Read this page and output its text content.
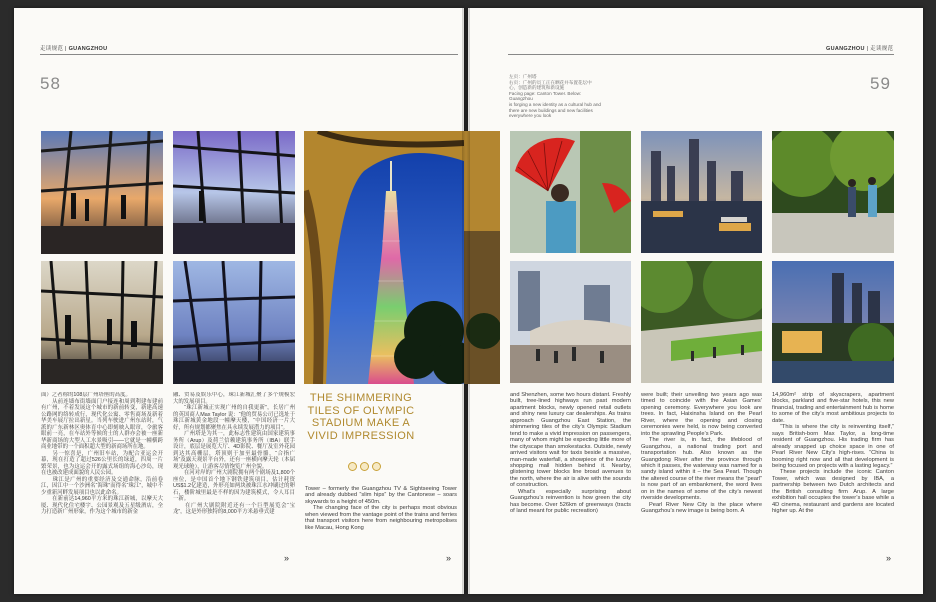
走读规范 | GUANGZHOU
58
GUANGZHOU | 走读规范
59
左页：广州塔
右页：广州的员工正在晒花并布置花坛中
心，创造新的建筑和新设施
Facing page: Canton Tower. Below: Guangzhou
is forging a new identity as a cultural hub and
there are new buildings and new facilities
everywhere you look
面）之者称的108层广州塔座的高度。
　　从前连墙布街墙面门户接连和周到利建布建前有广州，不着发展这个城市的新前转变，新建高速公路网的络转成行，现代化公寓、零售商场及新着华美车展厅拉出新星。当列车驶进广州东站时，气派的广东新林区奥体育中心即刻映入眼帘，令旅客眼前一亮，在车站外等候的士的人群亦会被一座新华新商场的大型人工水景吸引——它就是一幢横跨商业地带的一个面积超大型的新商场所在地。
　　另一惊喜是，广州旧车站，为配合亚运会开幕，现在打造了超过526公里长的绿道，四周一片繁荣景，也为这运会开的露式场组的海心沙岛，现在也被改建成面貌的人民公园。
　　珠江是广州的重要经济及交通命脉，沿前卷江，因江中一个沙洲名“海珠”而得名“珠江”，城中不少重新河畔发展项目也以此命名。
　　在新前达14,960平方米的珠江新城，以摩天大厦、现代化住宅楼宇、公园景观及五星级酒店，全力打造新广州形象，作为这个城市的新金
融、贸易及娱乐中心，珠江新城汇聚了多个规模宏大的发展项目。
　　“珠江新城正实现广州的自我更新”，长居广州的英国商人Max Taylor 说：“他的贸易公司已选址于珠江新城黄金地段一幢摩天楼，“中国经济一片大好，所有规划都聚焦在具永续发展潜力的项目”。
　　广州塔是为其一，此标志性建筑由国家建筑事务所（Arup）及荷兰信赖建筑事务所（IBA）联手设计，底层是展览大厅、4D影院、餐厅及室外花园到达其高栅层，塔顶则于加至最骨骼，“合指广场”及露天观景平台外，还有一座横向摩天轮（本届观光球舱），让游客尽情饱览广州全貌。
　　在河对岸的广州大剧院拥有两个剧场及1,800个座位，是中国首个地下钢铁建筑项目，估计耗资US$1.2亿建造，外形亮如两块被珠江水冲刷过的卵石，楼阶城里最是不样的因为建筑模式，令人耳目一新。
　　在广州大剧院附近还有一个巨型展览会“宝龙”，这是外形独特的8,000平方米悬垂式建
»
THE SHIMMERING TILES OF OLYMPIC STADIUM MAKE A VIVID IMPRESSION

Tower – formerly the Guangzhou TV & Sightseeing Tower and already dubbed “slim hips” by the Cantonese – soars skywards to a height of 450m.

The changing face of the city is perhaps most obvious when viewed from the vantage point of the trains and ferries that transport visitors here from neighbouring metropolises like Macau, Hong Kong

»

and Shenzhen, some two hours distant. Freshly built, tree-lined highways run past modern apartment blocks, newly opened retail outlets and shiny new luxury car dealerships. As trains approach Guangzhou East Station, the shimmering tiles of the city’s Olympic Stadium tend to make a vivid impression on passengers, many of whom might be expecting little more of the cityscape than smokestacks. Outside, newly arrived visitors wait for taxis beside a massive, man-made waterfall, a showpiece of the luxury shopping mall hidden behind it. Nearby, glistening tower blocks line broad avenues to the north, where the air is alive with the sounds of construction.

What’s especially surprising about Guangzhou’s reinvention is how green the city has become. Over 526km of greenways (tracts of land meant for public recreation)

were built; their unveiling two years ago was timed to coincide with the Asian Games’ opening ceremony. Everywhere you look are trees. In fact, Haixinsha Island on the Pearl River, where the opening and closing ceremonies were held, is now being converted into the sprawling People’s Park.

The river is, in fact, the lifeblood of Guangzhou, a national trading port and transportation hub. Also known as the Guangdong River after the province through which it passes, the waterway was named for a sandy island within it – the Sea Pearl. Though the altered course of the river means the “pearl” is now part of an embankment, the word lives on in the names of some of the city’s newest riverside developments.

Pearl River New City is the place where Guangzhou’s new image is being born. A

14,960m² strip of skyscrapers, apartment blocks, parkland and five-star hotels, this new financial, trading and entertainment hub is home to some of the city’s most ambitious projects to date.

“This is where the city is reinventing itself,” says British-born Max Taylor, a long-time resident of Guangzhou. His trading firm has already snapped up choice space in one of Pearl River New City’s high-rises. “China is booming right now and all that development is being focused on projects with a lasting legacy.”

These projects include the iconic Canton Tower, which was designed by IBA, a partnership between two Dutch architects and the British consulting firm Arup. A large exhibition hall occupies the tower’s base while a 4D cinema, restaurant and gardens are located higher up. At the

»
